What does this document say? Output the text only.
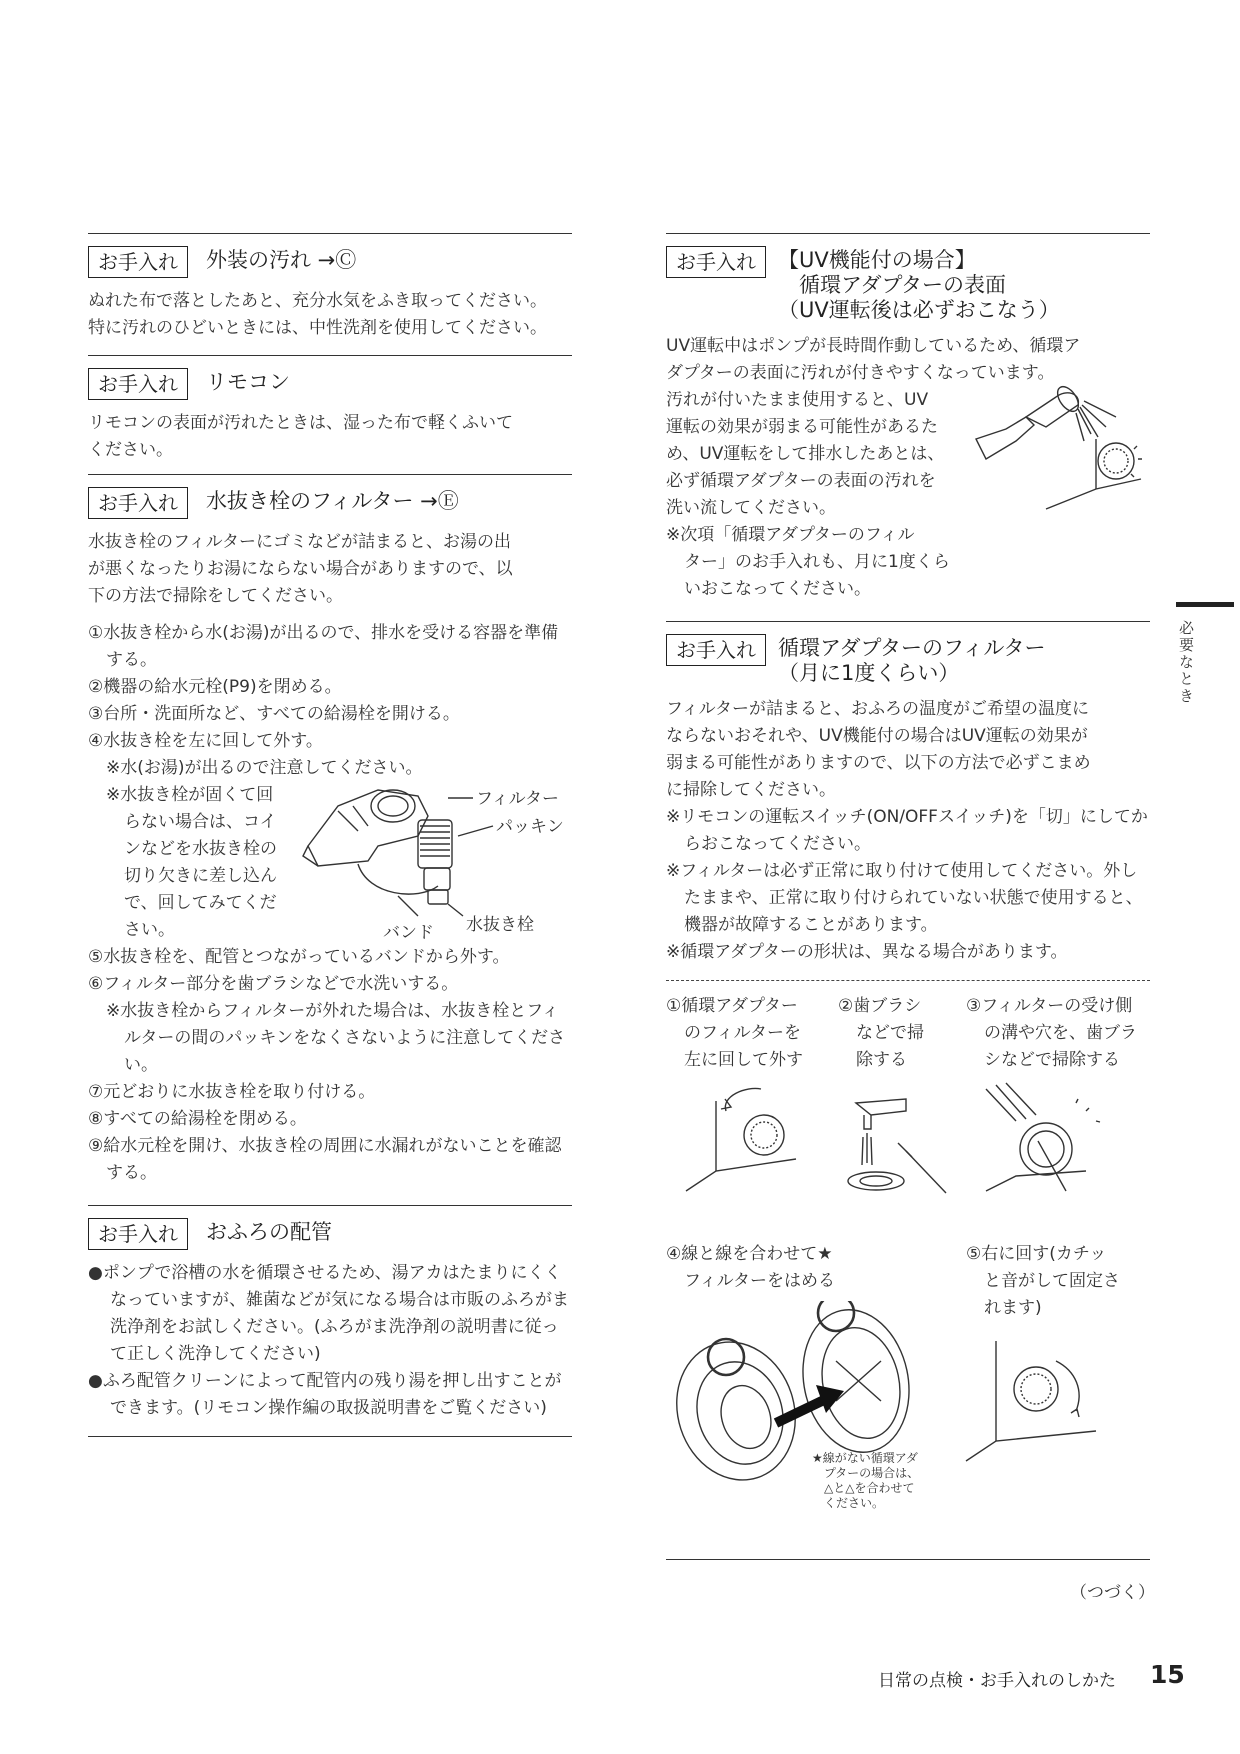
お手入れ	外装の汚れ →Ⓒ
ぬれた布で落としたあと、充分水気をふき取ってください。
特に汚れのひどいときには、中性洗剤を使用してください。
お手入れ	リモコン
リモコンの表面が汚れたときは、湿った布で軽くふいて
ください。
お手入れ	水抜き栓のフィルター →Ⓔ
水抜き栓のフィルターにゴミなどが詰まると、お湯の出
が悪くなったりお湯にならない場合がありますので、以
下の方法で掃除をしてください。
①水抜き栓から水(お湯)が出るので、排水を受ける容器を準備する。
②機器の給水元栓(P9)を閉める。
③台所・洗面所など、すべての給湯栓を開ける。
④水抜き栓を左に回して外す。
※水(お湯)が出るので注意してください。
※水抜き栓が固くて回
らない場合は、コイ
ンなどを水抜き栓の
切り欠きに差し込ん
で、回してみてくだ
さい。
フィルター
パッキン
バンド 水抜き栓
⑤水抜き栓を、配管とつながっているバンドから外す。
⑥フィルター部分を歯ブラシなどで水洗いする。
※水抜き栓からフィルターが外れた場合は、水抜き栓とフィルターの間のパッキンをなくさないように注意してください。
⑦元どおりに水抜き栓を取り付ける。
⑧すべての給湯栓を閉める。
⑨給水元栓を開け、水抜き栓の周囲に水漏れがないことを確認する。
お手入れ	おふろの配管
●ポンプで浴槽の水を循環させるため、湯アカはたまりにくくなっていますが、雑菌などが気になる場合は市販のふろがま洗浄剤をお試しください。(ふろがま洗浄剤の説明書に従って正しく洗浄してください)
●ふろ配管クリーンによって配管内の残り湯を押し出すことができます。(リモコン操作編の取扱説明書をご覧ください)
お手入れ	【UV機能付の場合】
　循環アダプターの表面
（UV運転後は必ずおこなう）
UV運転中はポンプが長時間作動しているため、循環ア
ダプターの表面に汚れが付きやすくなっています。
汚れが付いたまま使用すると、UV
運転の効果が弱まる可能性があるた
め、UV運転をして排水したあとは、
必ず循環アダプターの表面の汚れを
洗い流してください。
※次項「循環アダプターのフィル
ター」のお手入れも、月に1度くら
いおこなってください。
お手入れ	循環アダプターのフィルター
（月に1度くらい）
フィルターが詰まると、おふろの温度がご希望の温度に
ならないおそれや、UV機能付の場合はUV運転の効果が
弱まる可能性がありますので、以下の方法で必ずこまめ
に掃除してください。
※リモコンの運転スイッチ(ON/OFFスイッチ)を「切」にしてからおこなってください。
※フィルターは必ず正常に取り付けて使用してください。外したままや、正常に取り付けられていない状態で使用すると、機器が故障することがあります。
※循環アダプターの形状は、異なる場合があります。
①循環アダプター
のフィルターを
左に回して外す
②歯ブラシ
などで掃
除する
③フィルターの受け側
の溝や穴を、歯ブラ
シなどで掃除する
④線と線を合わせて★
フィルターをはめる
⑤右に回す(カチッ
と音がして固定さ
れます)
★線がない循環アダ
プターの場合は、
△と△を合わせて
ください。
（つづく）
必要なとき
日常の点検・お手入れのしかた 15
